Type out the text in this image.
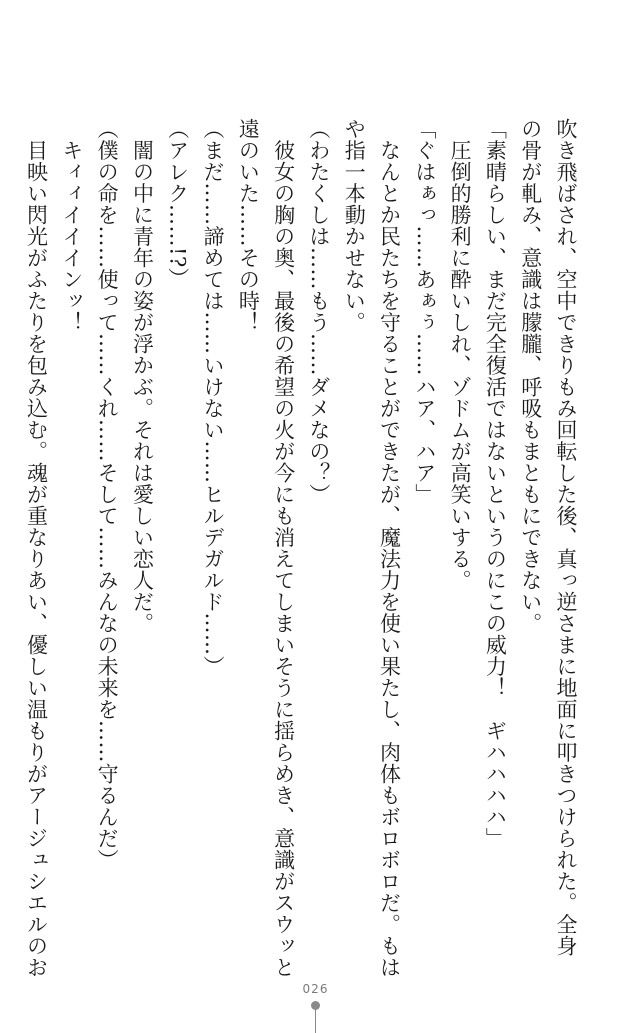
吹き飛ばされ、空中できりもみ回転した後、真っ逆さまに地面に叩きつけられた。全身
の骨が軋み、意識は朦朧、呼吸もまともにできない。
「素晴らしい、まだ完全復活ではないというのにこの威力！　ギハハハハ」
　圧倒的勝利に酔いしれ、ゾドムが高笑いする。
「ぐはぁっ……あぁぅ……ハア、ハア」
　なんとか民たちを守ることができたが、魔法力を使い果たし、肉体もボロボロだ。もは
や指一本動かせない。
（わたくしは……もう……ダメなの？）
　彼女の胸の奥、最後の希望の火が今にも消えてしまいそうに揺らめき、意識がスウッと
遠のいた……その時！
（まだ……諦めては……いけない……ヒルデガルド……）
（アレク……!?）
　闇の中に青年の姿が浮かぶ。それは愛しい恋人だ。
（僕の命を……使って……くれ……そして……みんなの未来を……守るんだ）
　キィィイイインッ！
　目映い閃光がふたりを包み込む。魂が重なりあい、優しい温もりがアージュシエルのお
026
